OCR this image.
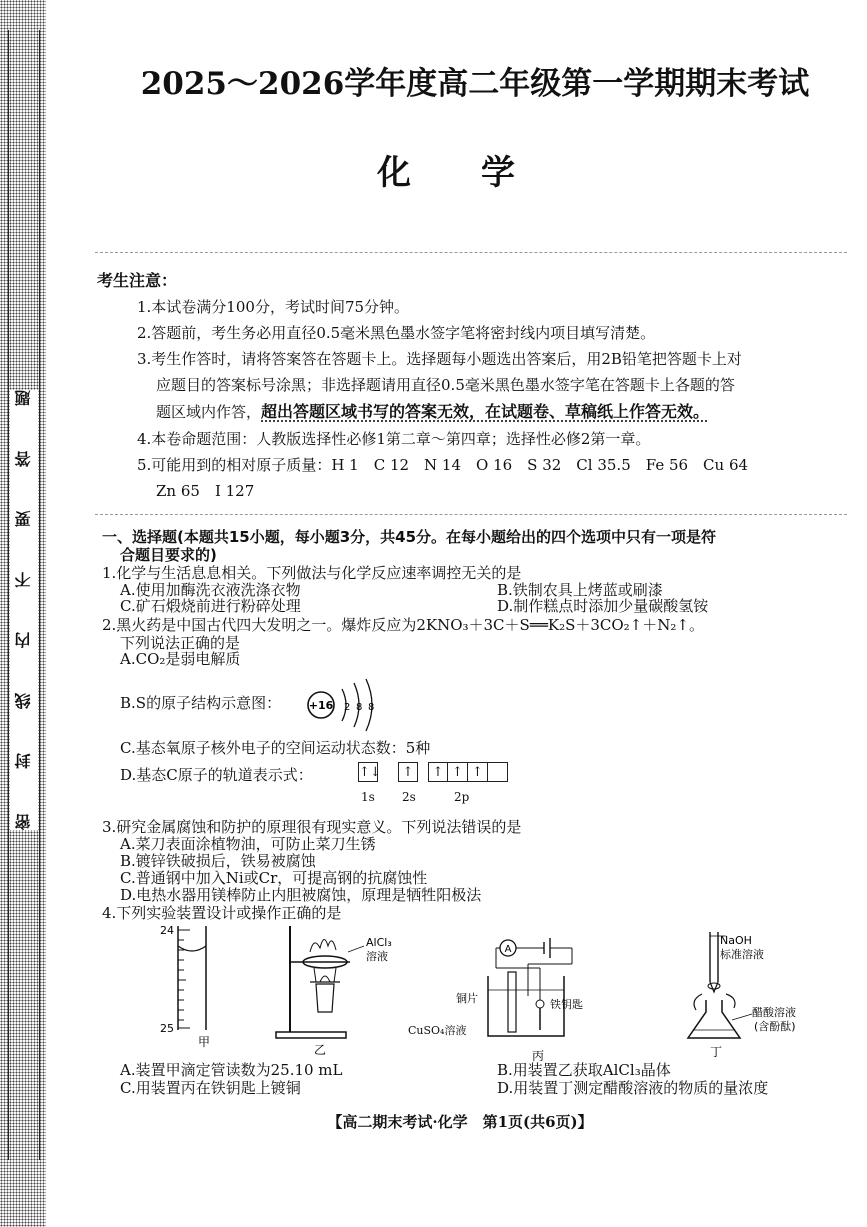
题
答
要
不
内
线
封
密
2025～2026学年度高二年级第一学期期末考试
化　学
考生注意：
1.本试卷满分100分，考试时间75分钟。
2.答题前，考生务必用直径0.5毫米黑色墨水签字笔将密封线内项目填写清楚。
3.考生作答时，请将答案答在答题卡上。选择题每小题选出答案后，用2B铅笔把答题卡上对
应题目的答案标号涂黑；非选择题请用直径0.5毫米黑色墨水签字笔在答题卡上各题的答
题区域内作答，超出答题区域书写的答案无效，在试题卷、草稿纸上作答无效。
4.本卷命题范围：人教版选择性必修1第二章～第四章；选择性必修2第一章。
5.可能用到的相对原子质量：H 1　C 12　N 14　O 16　S 32　Cl 35.5　Fe 56　Cu 64
Zn 65　I 127
一、选择题(本题共15小题，每小题3分，共45分。在每小题给出的四个选项中只有一项是符
合题目要求的)
1.化学与生活息息相关。下列做法与化学反应速率调控无关的是
A.使用加酶洗衣液洗涤衣物	B.铁制农具上烤蓝或刷漆
C.矿石煅烧前进行粉碎处理	D.制作糕点时添加少量碳酸氢铵
2.黑火药是中国古代四大发明之一。爆炸反应为2KNO₃＋3C＋S══K₂S＋3CO₂↑＋N₂↑。
下列说法正确的是
A.CO₂是弱电解质
B.S的原子结构示意图：	+16 2 8 8
C.基态氧原子核外电子的空间运动状态数：5种
D.基态C原子的轨道表示式：	↑↓	↑	↑ ↑ ↑
1s 2s	2p
3.研究金属腐蚀和防护的原理很有现实意义。下列说法错误的是
A.菜刀表面涂植物油，可防止菜刀生锈
B.镀锌铁破损后，铁易被腐蚀
C.普通钢中加入Ni或Cr，可提高钢的抗腐蚀性
D.电热水器用镁棒防止内胆被腐蚀，原理是牺牲阳极法
4.下列实验装置设计或操作正确的是
24
25
甲
AlCl₃
溶液
乙
A
铁钥匙
铜片
丙
CuSO₄溶液
NaOH
标准溶液
醋酸溶液
(含酚酞)
丁
A.装置甲滴定管读数为25.10 mL	B.用装置乙获取AlCl₃晶体
C.用装置丙在铁钥匙上镀铜	D.用装置丁测定醋酸溶液的物质的量浓度
【高二期末考试·化学　第1页(共6页)】
